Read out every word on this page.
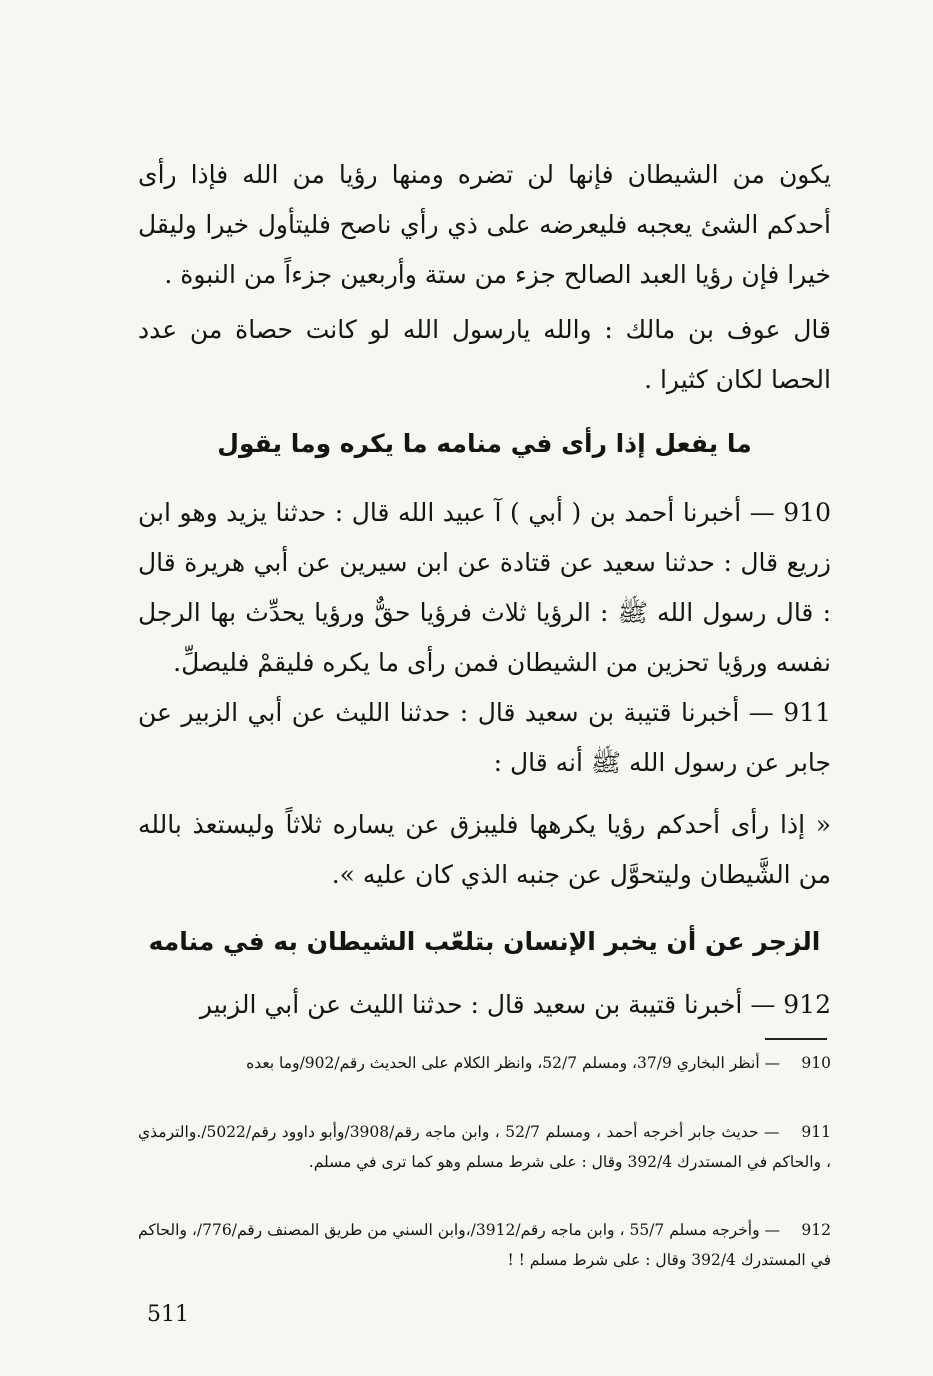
يكون من الشيطان فإنها لن تضره ومنها رؤيا من الله فإذا رأى أحدكم الشئ يعجبه فليعرضه على ذي رأي ناصح فليتأول خيرا وليقل خيرا فإن رؤيا العبد الصالح جزء من ستة وأربعين جزءاً من النبوة .

قال عوف بن مالك : والله يارسول الله لو كانت حصاة من عدد الحصا لكان كثيرا .

ما يفعل إذا رأى في منامه ما يكره وما يقول

910 — أخبرنا أحمد بن ( أبي ) آ عبيد الله قال : حدثنا يزيد وهو ابن زريع قال : حدثنا سعيد عن قتادة عن ابن سيرين عن أبي هريرة قال : قال رسول الله ﷺ : الرؤيا ثلاث فرؤيا حقٌّ ورؤيا يحدِّث بها الرجل نفسه ورؤيا تحزين من الشيطان فمن رأى ما يكره فليقمْ فليصلِّ.

911 — أخبرنا قتيبة بن سعيد قال : حدثنا الليث عن أبي الزبير عن جابر عن رسول الله ﷺ أنه قال :

« إذا رأى أحدكم رؤيا يكرهها فليبزق عن يساره ثلاثاً وليستعذ بالله من الشَّيطان وليتحوَّل عن جنبه الذي كان عليه ».

الزجر عن أن يخبر الإنسان بتلعّب الشيطان به في منامه

912 — أخبرنا قتيبة بن سعيد قال : حدثنا الليث عن أبي الزبير

910 — أنظر البخاري 37/9، ومسلم 52/7، وانظر الكلام على الحديث رقم/902/وما بعده

911 — حديث جابر أخرجه أحمد ، ومسلم 52/7 ، وابن ماجه رقم/3908/وأبو داوود رقم/5022/.والترمذي ، والحاكم في المستدرك 392/4 وقال : على شرط مسلم وهو كما ترى في مسلم.

912 — وأخرجه مسلم 55/7 ، وابن ماجه رقم/3912/،وابن السني من طريق المصنف رقم/776/، والحاكم في المستدرك 392/4 وقال : على شرط مسلم ! !

511
